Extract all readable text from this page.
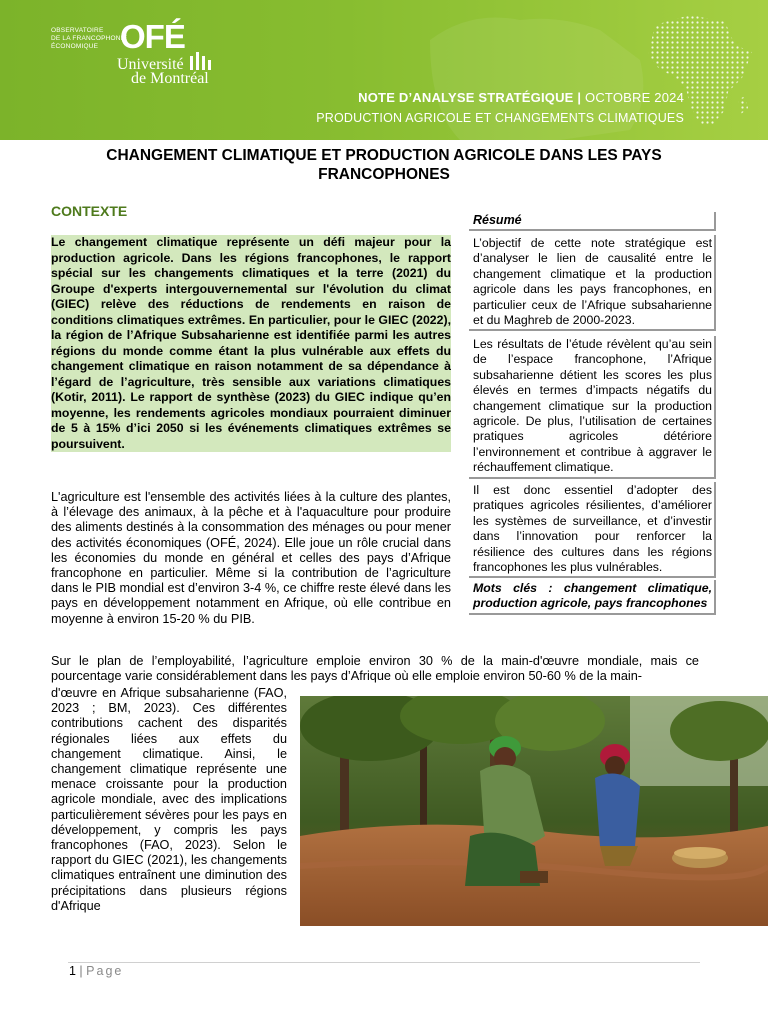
OBSERVATOIRE
DE LA FRANCOPHONIE
ÉCONOMIQUE OFÉ
Université
de Montréal
NOTE D’ANALYSE STRATÉGIQUE | OCTOBRE 2024
PRODUCTION AGRICOLE ET CHANGEMENTS CLIMATIQUES
CHANGEMENT CLIMATIQUE ET PRODUCTION AGRICOLE DANS LES PAYS FRANCOPHONES
CONTEXTE
Le changement climatique représente un défi majeur pour la production agricole. Dans les régions francophones, le rapport spécial sur les changements climatiques et la terre (2021) du Groupe d'experts intergouvernemental sur l'évolution du climat (GIEC) relève des réductions de rendements en raison de conditions climatiques extrêmes. En particulier, pour le GIEC (2022), la région de l’Afrique Subsaharienne est identifiée parmi les autres régions du monde comme étant la plus vulnérable aux effets du changement climatique en raison notamment de sa dépendance à l’égard de l’agriculture, très sensible aux variations climatiques (Kotir, 2011). Le rapport de synthèse (2023) du GIEC indique qu’en moyenne, les rendements agricoles mondiaux pourraient diminuer de 5 à 15% d’ici 2050 si les événements climatiques extrêmes se poursuivent.
L'agriculture est l'ensemble des activités liées à la culture des plantes, à l’élevage des animaux, à la pêche et à l'aquaculture pour produire des aliments destinés à la consommation des ménages ou pour mener des activités économiques (OFÉ, 2024). Elle joue un rôle crucial dans les économies du monde en général et celles des pays d’Afrique francophone en particulier. Même si la contribution de l’agriculture dans le PIB mondial est d’environ 3-4 %, ce chiffre reste élevé dans les pays en développement notamment en Afrique, où elle contribue en moyenne à environ 15-20 % du PIB.
Sur le plan de l’employabilité, l’agriculture emploie environ 30 % de la main-d'œuvre mondiale, mais ce pourcentage varie considérablement dans les pays d’Afrique où elle emploie environ 50-60 % de la main-
d'œuvre en Afrique subsaharienne (FAO, 2023 ; BM, 2023). Ces différentes contributions cachent des disparités régionales liées aux effets du changement climatique. Ainsi, le changement climatique représente une menace croissante pour la production agricole mondiale, avec des implications particulièrement sévères pour les pays en développement, y compris les pays francophones (FAO, 2023). Selon le rapport du GIEC (2021), les changements climatiques entraînent une diminution des précipitations dans plusieurs régions d'Afrique
Résumé
L’objectif de cette note stratégique est d’analyser le lien de causalité entre le changement climatique et la production agricole dans les pays francophones, en particulier ceux de l’Afrique subsaharienne et du Maghreb de 2000-2023.
Les résultats de l’étude révèlent qu’au sein de l’espace francophone, l’Afrique subsaharienne détient les scores les plus élevés en termes d’impacts négatifs du changement climatique sur la production agricole. De plus, l’utilisation de certaines pratiques agricoles détériore l’environnement et contribue à aggraver le réchauffement climatique.
Il est donc essentiel d’adopter des pratiques agricoles résilientes, d’améliorer les systèmes de surveillance, et d’investir dans l’innovation pour renforcer la résilience des cultures dans les régions francophones les plus vulnérables.
Mots clés : changement climatique, production agricole, pays francophones
1 | Page
